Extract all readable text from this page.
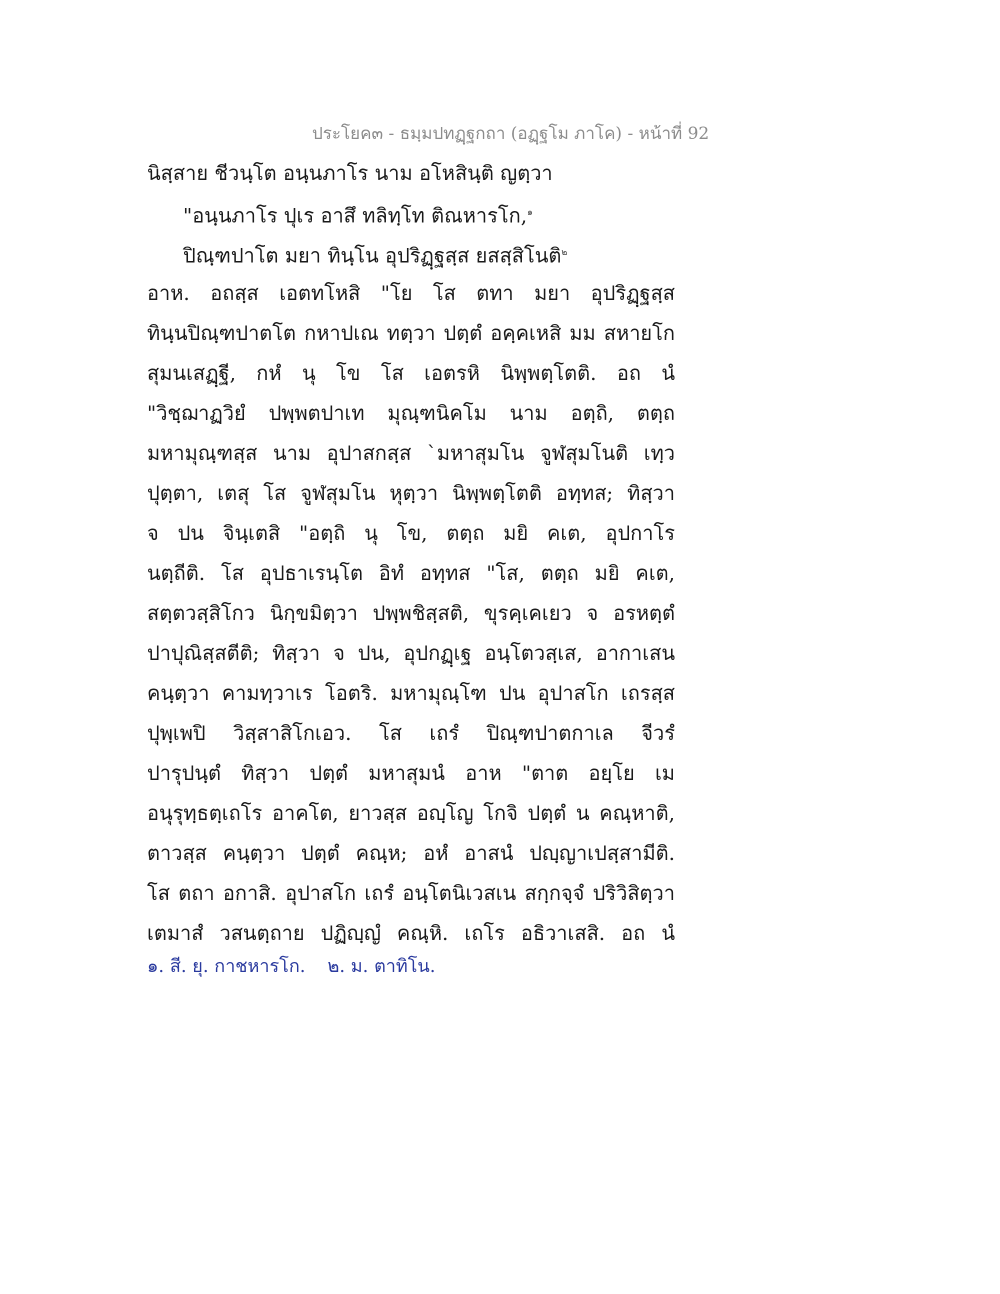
ประโยค๓ - ธมฺมปทฏฺฐกถา (อฏฺฐโม ภาโค) - หน้าที่ 92
นิสฺสาย ชีวนฺโต อนฺนภาโร นาม อโหสินฺติ ญตฺวา
"อนฺนภาโร ปุเร อาสึ ทลิทฺโท ติณหารโก,$^๑$
ปิณฺฑปาโต มยา ทินฺโน อุปริฏฺฐสฺส ยสสฺสิโนติ$^๒$
อาห. อถสฺส เอตทโหสิ "โย โส ตทา มยา อุปริฏฺฐสฺส
ทินฺนปิณฺฑปาตโต กหาปเณ ทตฺวา ปตฺตํ อคฺคเหสิ มม สหายโก
สุมนเสฏฺฐี, กหํ นุ โข โส เอตรหิ นิพฺพตฺโตติ. อถ นํ
"วิชฺฌาฏวิยํ ปพฺพตปาเท มุณฺฑนิคโม นาม อตฺถิ, ตตฺถ
มหามุณฺฑสฺส นาม อุปาสกสฺส `มหาสุมโน จูฬสุมโนติ เทฺว
ปุตฺตา, เตสุ โส จูฬสุมโน หุตฺวา นิพฺพตฺโตติ อทฺทส; ทิสฺวา
จ ปน จินฺเตสิ "อตฺถิ นุ โข, ตตฺถ มยิ คเต, อุปกาโร
นตฺถีติ. โส อุปธาเรนฺโต อิทํ อทฺทส "โส, ตตฺถ มยิ คเต,
สตฺตวสฺสิโกว นิกฺขมิตฺวา ปพฺพชิสฺสติ, ขุรคฺเคเยว จ อรหตฺตํ
ปาปุณิสฺสตีติ; ทิสฺวา จ ปน, อุปกฏฺเฐ อนฺโตวสฺเส, อากาเสน
คนฺตฺวา คามทฺวาเร โอตริ. มหามุณฺโฑ ปน อุปาสโก เถรสฺส
ปุพฺเพปิ วิสฺสาสิโกเอว. โส เถรํ ปิณฺฑปาตกาเล จีวรํ
ปารุปนฺตํ ทิสฺวา ปตฺตํ มหาสุมนํ อาห "ตาต อยฺโย เม
อนุรุทฺธตฺเถโร อาคโต, ยาวสฺส อญฺโญ โกจิ ปตฺตํ น คณฺหาติ,
ตาวสฺส คนฺตฺวา ปตฺตํ คณฺห; อหํ อาสนํ ปญฺญาเปสฺสามีติ.
โส ตถา อกาสิ. อุปาสโก เถรํ อนฺโตนิเวสเน สกฺกจฺจํ ปริวิสิตฺวา
เตมาสํ วสนตฺถาย ปฏิญฺญํ คณฺหิ. เถโร อธิวาเสสิ. อถ นํ
๑. สี. ยุ. กาชหารโก. ๒. ม. ตาทิโน.
